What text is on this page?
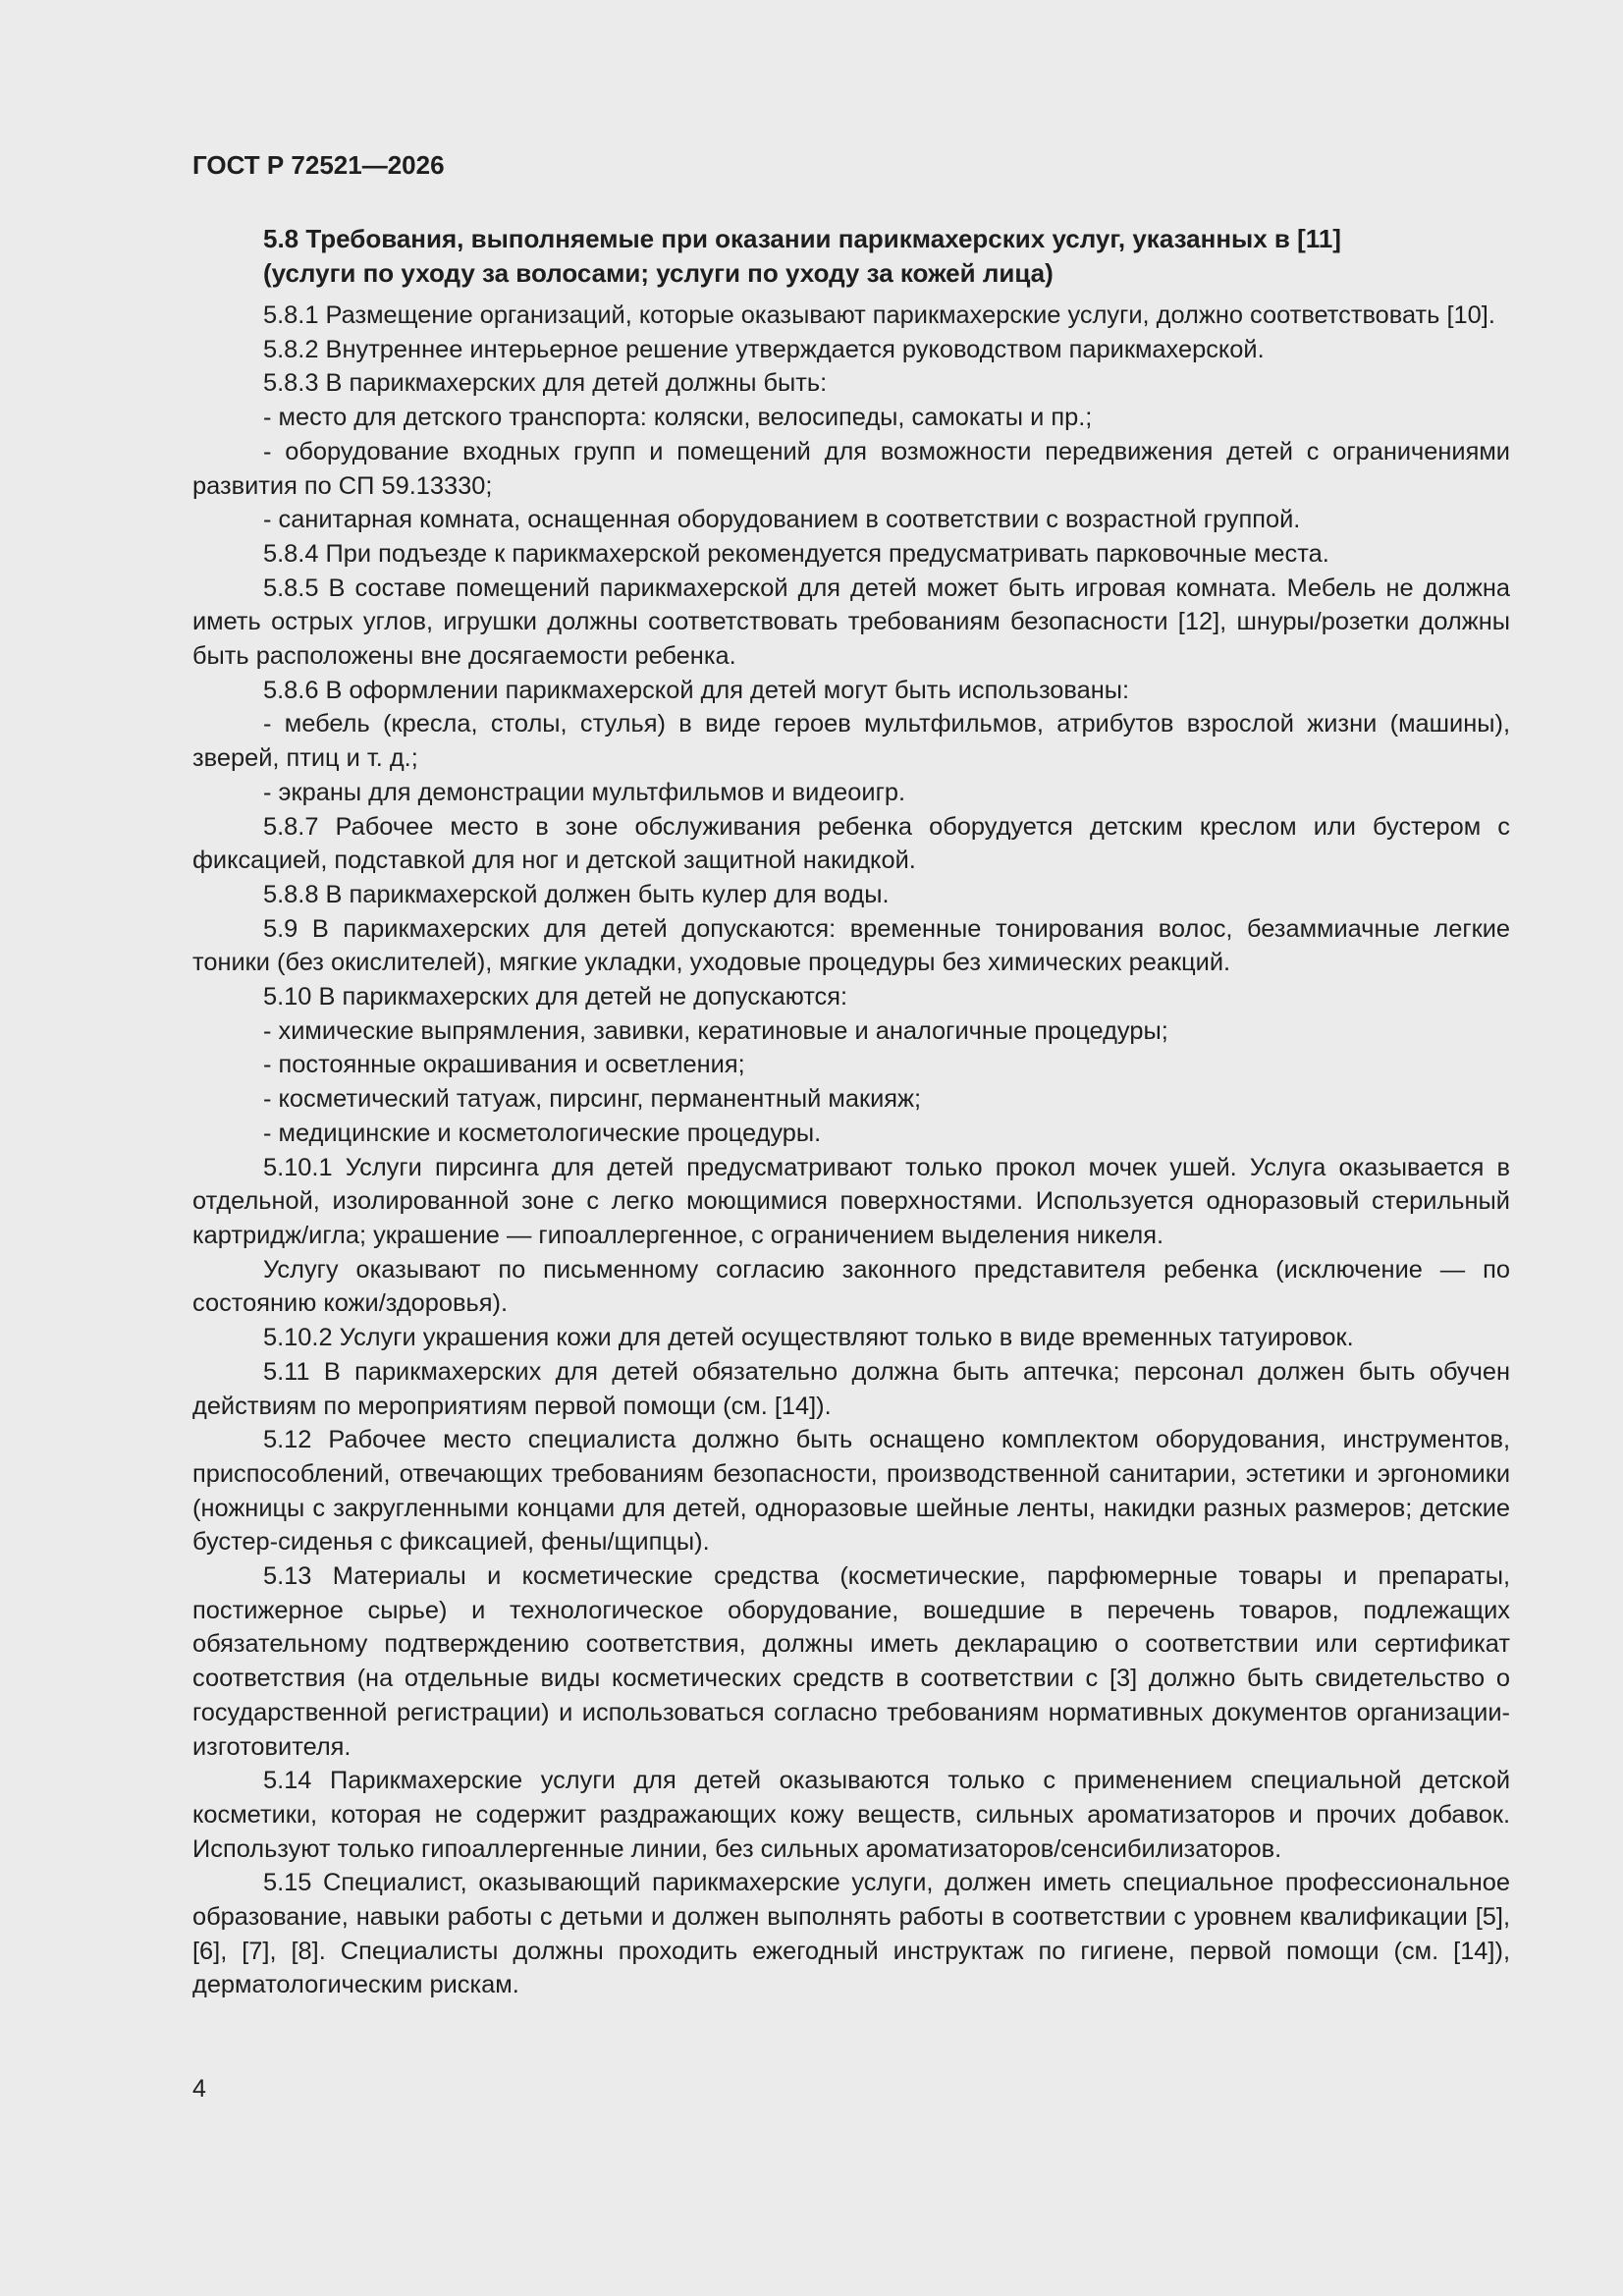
ГОСТ Р 72521—2026
5.8 Требования, выполняемые при оказании парикмахерских услуг, указанных в [11]
(услуги по уходу за волосами; услуги по уходу за кожей лица)

5.8.1 Размещение организаций, которые оказывают парикмахерские услуги, должно соответствовать [10].

5.8.2 Внутреннее интерьерное решение утверждается руководством парикмахерской.

5.8.3 В парикмахерских для детей должны быть:

- место для детского транспорта: коляски, велосипеды, самокаты и пр.;

- оборудование входных групп и помещений для возможности передвижения детей с ограничениями развития по СП 59.13330;

- санитарная комната, оснащенная оборудованием в соответствии с возрастной группой.

5.8.4 При подъезде к парикмахерской рекомендуется предусматривать парковочные места.

5.8.5 В составе помещений парикмахерской для детей может быть игровая комната. Мебель не должна иметь острых углов, игрушки должны соответствовать требованиям безопасности [12], шнуры/розетки должны быть расположены вне досягаемости ребенка.

5.8.6 В оформлении парикмахерской для детей могут быть использованы:

- мебель (кресла, столы, стулья) в виде героев мультфильмов, атрибутов взрослой жизни (машины), зверей, птиц и т. д.;

- экраны для демонстрации мультфильмов и видеоигр.

5.8.7 Рабочее место в зоне обслуживания ребенка оборудуется детским креслом или бустером с фиксацией, подставкой для ног и детской защитной накидкой.

5.8.8 В парикмахерской должен быть кулер для воды.

5.9 В парикмахерских для детей допускаются: временные тонирования волос, безаммиачные легкие тоники (без окислителей), мягкие укладки, уходовые процедуры без химических реакций.

5.10 В парикмахерских для детей не допускаются:

- химические выпрямления, завивки, кератиновые и аналогичные процедуры;

- постоянные окрашивания и осветления;

- косметический татуаж, пирсинг, перманентный макияж;

- медицинские и косметологические процедуры.

5.10.1 Услуги пирсинга для детей предусматривают только прокол мочек ушей. Услуга оказывается в отдельной, изолированной зоне с легко моющимися поверхностями. Используется одноразовый стерильный картридж/игла; украшение — гипоаллергенное, с ограничением выделения никеля.

Услугу оказывают по письменному согласию законного представителя ребенка (исключение — по состоянию кожи/здоровья).

5.10.2 Услуги украшения кожи для детей осуществляют только в виде временных татуировок.

5.11 В парикмахерских для детей обязательно должна быть аптечка; персонал должен быть обучен действиям по мероприятиям первой помощи (см. [14]).

5.12 Рабочее место специалиста должно быть оснащено комплектом оборудования, инструментов, приспособлений, отвечающих требованиям безопасности, производственной санитарии, эстетики и эргономики (ножницы с закругленными концами для детей, одноразовые шейные ленты, накидки разных размеров; детские бустер-сиденья с фиксацией, фены/щипцы).

5.13 Материалы и косметические средства (косметические, парфюмерные товары и препараты, постижерное сырье) и технологическое оборудование, вошедшие в перечень товаров, подлежащих обязательному подтверждению соответствия, должны иметь декларацию о соответствии или сертификат соответствия (на отдельные виды косметических средств в соответствии с [3] должно быть свидетельство о государственной регистрации) и использоваться согласно требованиям нормативных документов организации-изготовителя.

5.14 Парикмахерские услуги для детей оказываются только с применением специальной детской косметики, которая не содержит раздражающих кожу веществ, сильных ароматизаторов и прочих добавок. Используют только гипоаллергенные линии, без сильных ароматизаторов/сенсибилизаторов.

5.15 Специалист, оказывающий парикмахерские услуги, должен иметь специальное профессиональное образование, навыки работы с детьми и должен выполнять работы в соответствии с уровнем квалификации [5], [6], [7], [8]. Специалисты должны проходить ежегодный инструктаж по гигиене, первой помощи (см. [14]), дерматологическим рискам.

4
